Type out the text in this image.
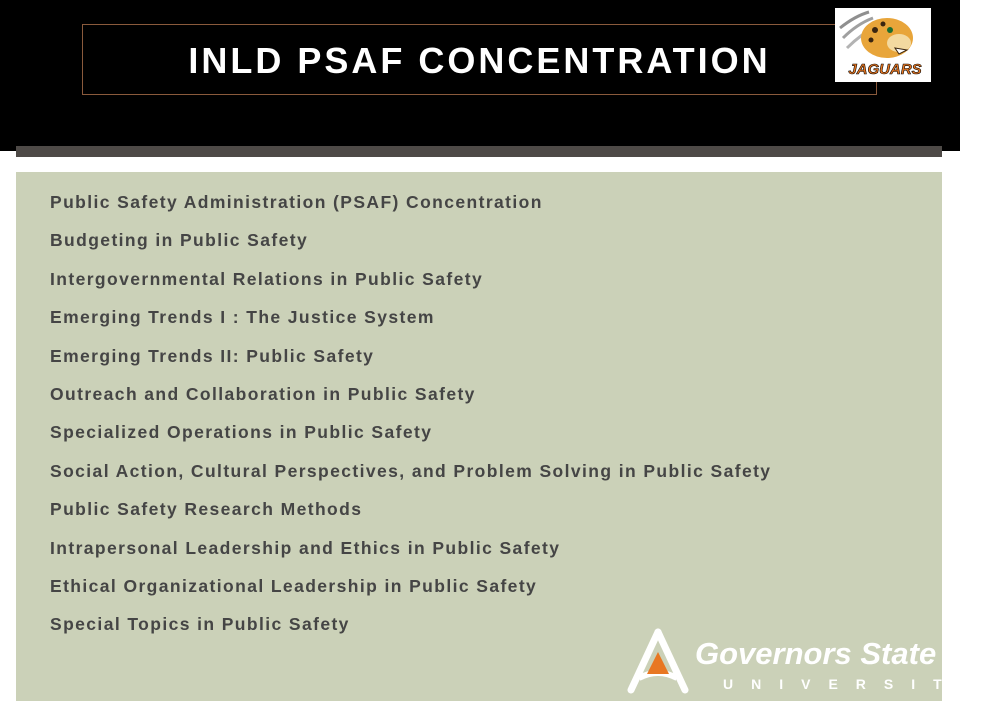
INLD PSAF CONCENTRATION	JAGUARS
Public Safety Administration (PSAF) Concentration
Budgeting in Public Safety
Intergovernmental Relations in Public Safety
Emerging Trends I : The Justice System
Emerging Trends II: Public Safety
Outreach and Collaboration in Public Safety
Specialized Operations in Public Safety
Social Action, Cultural Perspectives, and Problem Solving in Public Safety
Public Safety Research Methods
Intrapersonal Leadership and Ethics in Public Safety
Ethical Organizational Leadership in Public Safety
Special Topics in Public Safety
Governors State
UNIVERSITY
